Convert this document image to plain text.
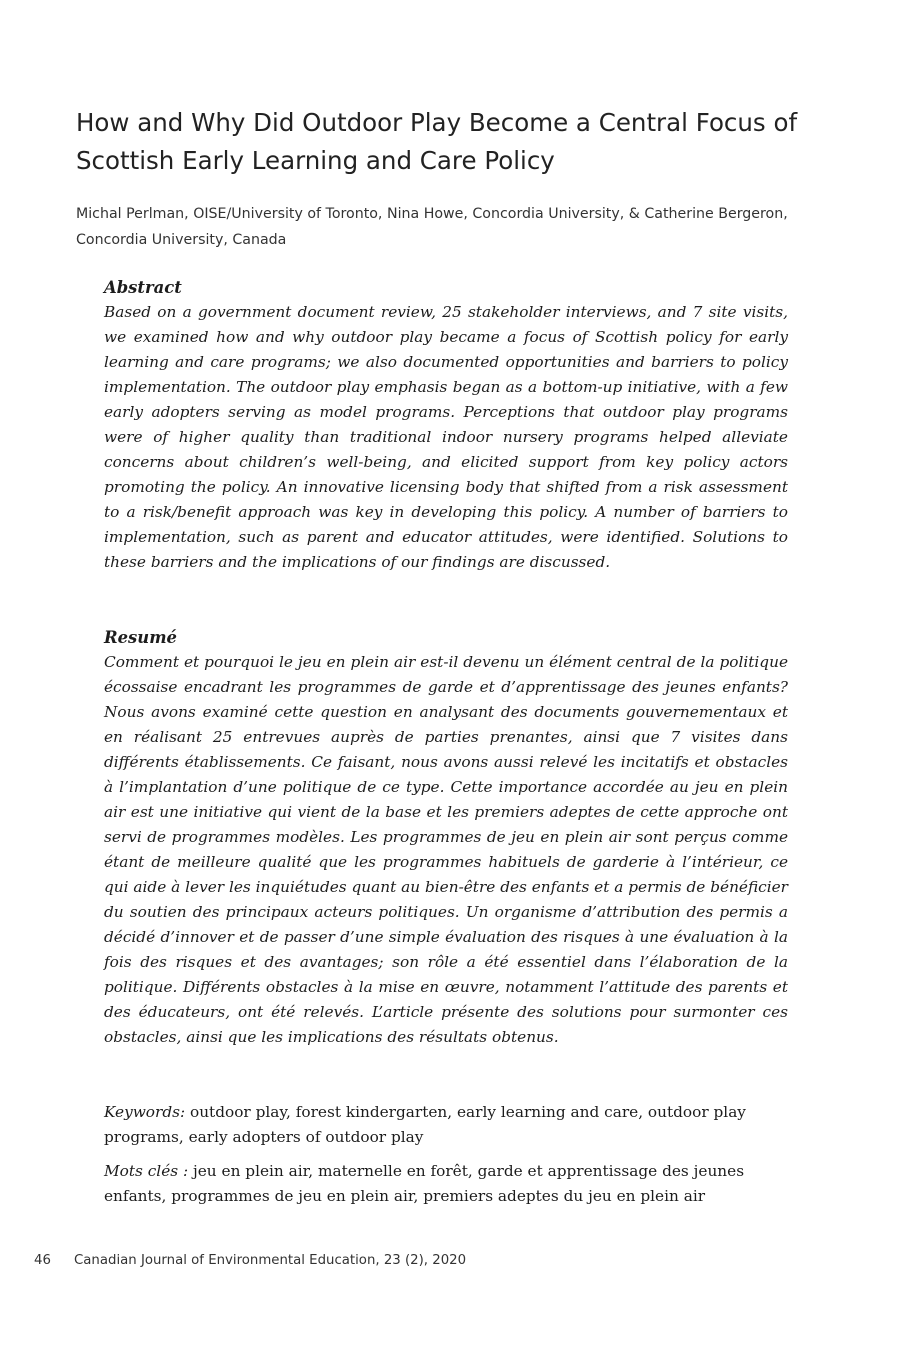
How and Why Did Outdoor Play Become a Central Focus of Scottish Early Learning and Care Policy

Michal Perlman, OISE/University of Toronto, Nina Howe, Concordia University, & Catherine Bergeron, Concordia University, Canada

Abstract

Based on a government document review, 25 stakeholder interviews, and 7 site visits, we examined how and why outdoor play became a focus of Scottish policy for early learning and care programs; we also documented opportunities and barriers to policy implementation. The outdoor play emphasis began as a bottom-up initiative, with a few early adopters serving as model programs. Perceptions that outdoor play programs were of higher quality than traditional indoor nursery programs helped alleviate concerns about children’s well-being, and elicited support from key policy actors promoting the policy. An innovative licensing body that shifted from a risk assessment to a risk/benefit approach was key in developing this policy. A number of barriers to implementation, such as parent and educator attitudes, were identified. Solutions to these barriers and the implications of our findings are discussed.

Resumé

Comment et pourquoi le jeu en plein air est-il devenu un élément central de la politique écossaise encadrant les programmes de garde et d’apprentissage des jeunes enfants? Nous avons examiné cette question en analysant des documents gouvernementaux et en réalisant 25 entrevues auprès de parties prenantes, ainsi que 7 visites dans différents établissements. Ce faisant, nous avons aussi relevé les incitatifs et obstacles à l’implantation d’une politique de ce type. Cette importance accordée au jeu en plein air est une initiative qui vient de la base et les premiers adeptes de cette approche ont servi de programmes modèles. Les programmes de jeu en plein air sont perçus comme étant de meilleure qualité que les programmes habituels de garderie à l’intérieur, ce qui aide à lever les inquiétudes quant au bien-être des enfants et a permis de bénéficier du soutien des principaux acteurs politiques. Un organisme d’attribution des permis a décidé d’innover et de passer d’une simple évaluation des risques à une évaluation à la fois des risques et des avantages; son rôle a été essentiel dans l’élaboration de la politique. Différents obstacles à la mise en œuvre, notamment l’attitude des parents et des éducateurs, ont été relevés. L’article présente des solutions pour surmonter ces obstacles, ainsi que les implications des résultats obtenus.

Keywords: outdoor play, forest kindergarten, early learning and care, outdoor play programs, early adopters of outdoor play

Mots clés : jeu en plein air, maternelle en forêt, garde et apprentissage des jeunes enfants, programmes de jeu en plein air, premiers adeptes du jeu en plein air

46 Canadian Journal of Environmental Education, 23 (2), 2020
